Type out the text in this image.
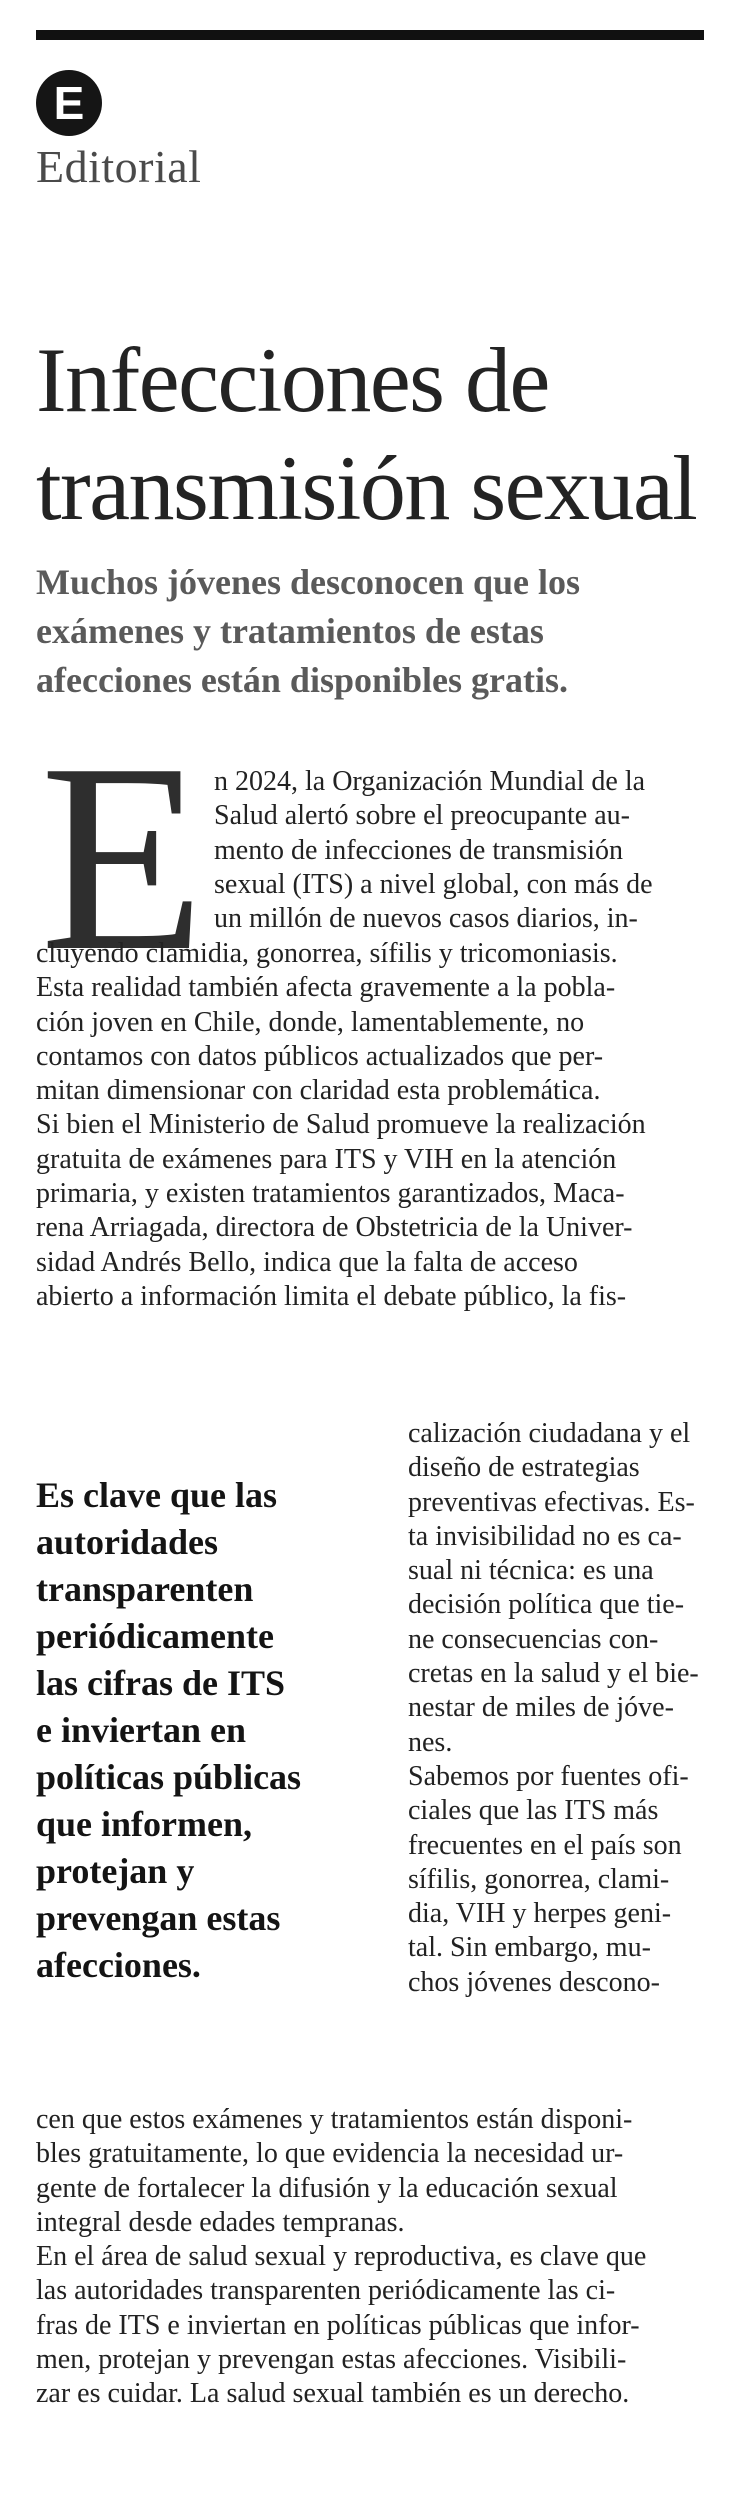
E
Editorial
Infecciones de
transmisión sexual

Muchos jóvenes desconocen que los
exámenes y tratamientos de estas
afecciones están disponibles gratis.

E n 2024, la Organización Mundial de la
Salud alertó sobre el preocupante au-
mento de infecciones de transmisión
sexual (ITS) a nivel global, con más de
un millón de nuevos casos diarios, in-
cluyendo clamidia, gonorrea, sífilis y tricomoniasis.
Esta realidad también afecta gravemente a la pobla-
ción joven en Chile, donde, lamentablemente, no
contamos con datos públicos actualizados que per-
mitan dimensionar con claridad esta problemática.
Si bien el Ministerio de Salud promueve la realización
gratuita de exámenes para ITS y VIH en la atención
primaria, y existen tratamientos garantizados, Maca-
rena Arriagada, directora de Obstetricia de la Univer-
sidad Andrés Bello, indica que la falta de acceso
abierto a información limita el debate público, la fis-
calización ciudadana y el
diseño de estrategias
preventivas efectivas. Es-
ta invisibilidad no es ca-
sual ni técnica: es una
decisión política que tie-
ne consecuencias con-
cretas en la salud y el bie-
nestar de miles de jóve-
nes.
Sabemos por fuentes ofi-
ciales que las ITS más
frecuentes en el país son
sífilis, gonorrea, clami-
dia, VIH y herpes geni-
tal. Sin embargo, mu-
chos jóvenes descono-

Es clave que las
autoridades
transparenten
periódicamente
las cifras de ITS
e inviertan en
políticas públicas
que informen,
protejan y
prevengan estas
afecciones.

cen que estos exámenes y tratamientos están disponi-
bles gratuitamente, lo que evidencia la necesidad ur-
gente de fortalecer la difusión y la educación sexual
integral desde edades tempranas.
En el área de salud sexual y reproductiva, es clave que
las autoridades transparenten periódicamente las ci-
fras de ITS e inviertan en políticas públicas que infor-
men, protejan y prevengan estas afecciones. Visibili-
zar es cuidar. La salud sexual también es un derecho.
